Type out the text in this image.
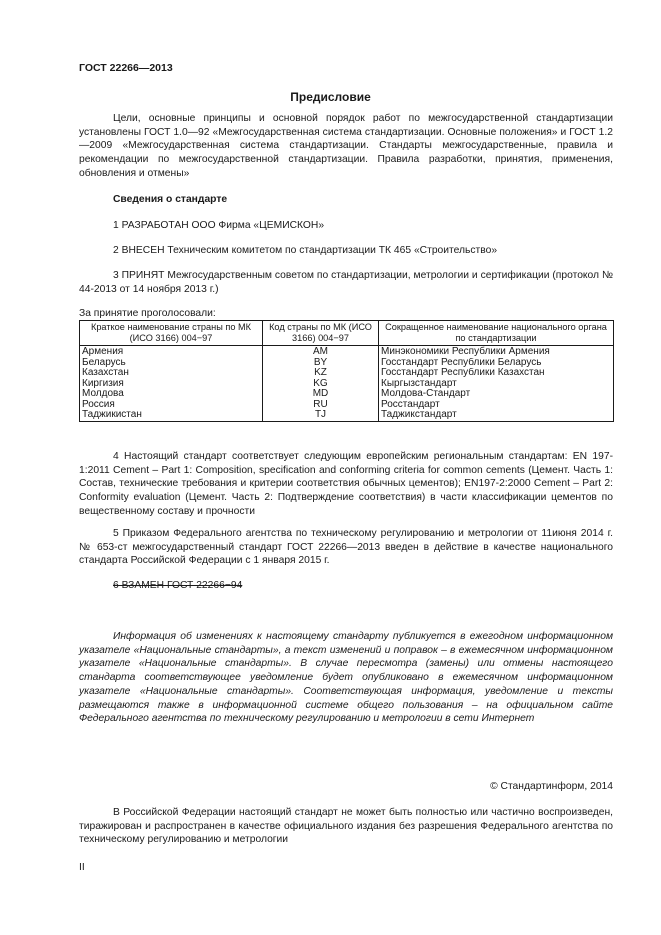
ГОСТ 22266—2013
Предисловие

Цели, основные принципы и основной порядок работ по межгосударственной стандартизации установлены ГОСТ 1.0—92 «Межгосударственная система стандартизации. Основные положения» и ГОСТ 1.2—2009 «Межгосударственная система стандартизации. Стандарты межгосударственные, правила и рекомендации по межгосударственной стандартизации. Правила разработки, принятия, применения, обновления и отмены»

Сведения о стандарте
1 РАЗРАБОТАН ООО Фирма «ЦЕМИСКОН»
2 ВНЕСЕН Техническим комитетом по стандартизации ТК 465 «Строительство»

3 ПРИНЯТ Межгосударственным советом по стандартизации, метрологии и сертификации (протокол № 44-2013 от 14 ноября 2013 г.)

За принятие проголосовали:
Краткое наименование страны по МК (ИСО 3166) 004−97	Код страны по МК (ИСО 3166) 004−97	Сокращенное наименование национального органа по стандартизации
Армения	AM	Минэкономики Республики Армения
Беларусь	BY	Госстандарт Республики Беларусь
Казахстан	KZ	Госстандарт Республики Казахстан
Киргизия	KG	Кыргызстандарт
Молдова	MD	Молдова-Стандарт
Россия	RU	Росстандарт
Таджикистан	TJ	Таджикстандарт

4 Настоящий стандарт соответствует следующим европейским региональным стандартам: EN 197-1:2011 Cement – Part 1: Composition, specification and conforming criteria for common cements (Цемент. Часть 1: Состав, технические требования и критерии соответствия обычных цементов); EN197-2:2000 Cement – Part 2: Conformity evaluation (Цемент. Часть 2: Подтверждение соответствия) в части классификации цементов по вещественному составу и прочности

5 Приказом Федерального агентства по техническому регулированию и метрологии от 11июня 2014 г. № 653-ст межгосударственный стандарт ГОСТ 22266—2013 введен в действие в качестве национального стандарта Российской Федерации с 1 января 2015 г.

6 ВЗАМЕН ГОСТ 22266−94

Информация об изменениях к настоящему стандарту публикуется в ежегодном информационном указателе «Национальные стандарты», а текст изменений и поправок – в ежемесячном информационном указателе «Национальные стандарты». В случае пересмотра (замены) или отмены настоящего стандарта соответствующее уведомление будет опубликовано в ежемесячном информационном указателе «Национальные стандарты». Соответствующая информация, уведомление и тексты размещаются также в информационной системе общего пользования – на официальном сайте Федерального агентства по техническому регулированию и метрологии в сети Интернет

© Стандартинформ, 2014

В Российской Федерации настоящий стандарт не может быть полностью или частично воспроизведен, тиражирован и распространен в качестве официального издания без разрешения Федерального агентства по техническому регулированию и метрологии

II
